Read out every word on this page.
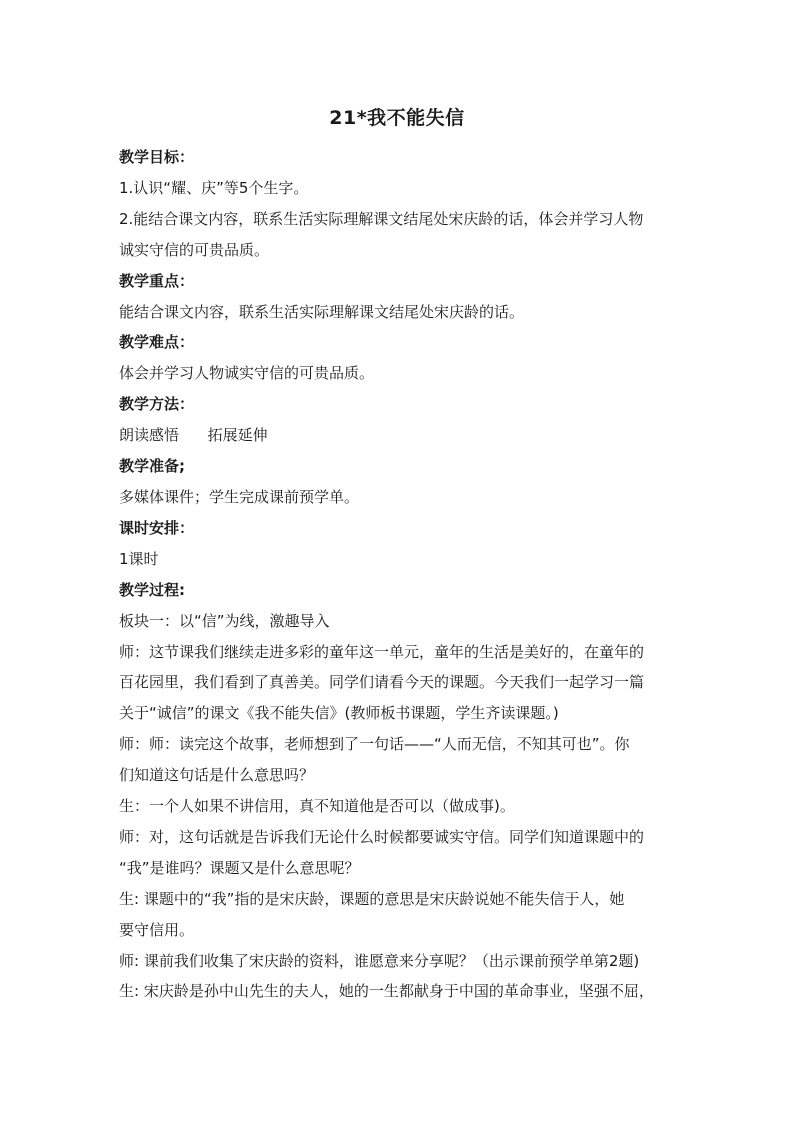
21*我不能失信
教学目标：
1.认识“耀、庆”等5个生字。
2.能结合课文内容，联系生活实际理解课文结尾处宋庆龄的话，体会并学习人物
诚实守信的可贵品质。
教学重点：
能结合课文内容，联系生活实际理解课文结尾处宋庆龄的话。
教学难点：
体会并学习人物诚实守信的可贵品质。
教学方法：
朗读感悟      拓展延伸
教学准备;
多媒体课件；学生完成课前预学单。
课时安排：
1课时
教学过程:
板块一：以“信”为线，激趣导入
师：这节课我们继续走进多彩的童年这一单元，童年的生活是美好的，在童年的
百花园里，我们看到了真善美。同学们请看今天的课题。今天我们一起学习一篇
关于“诚信”的课文《我不能失信》(教师板书课题，学生齐读课题。)
师：师：读完这个故事，老师想到了一句话——“人而无信，不知其可也”。你
们知道这句话是什么意思吗？
生：一个人如果不讲信用，真不知道他是否可以（做成事)。
师：对，这句话就是告诉我们无论什么时候都要诚实守信。同学们知道课题中的
“我”是谁吗？课题又是什么意思呢？
生: 课题中的“我”指的是宋庆龄，课题的意思是宋庆龄说她不能失信于人，她
要守信用。
师: 课前我们收集了宋庆龄的资料，谁愿意来分享呢？（出示课前预学单第2题)
生: 宋庆龄是孙中山先生的夫人，她的一生都献身于中国的革命事业，坚强不屈，
